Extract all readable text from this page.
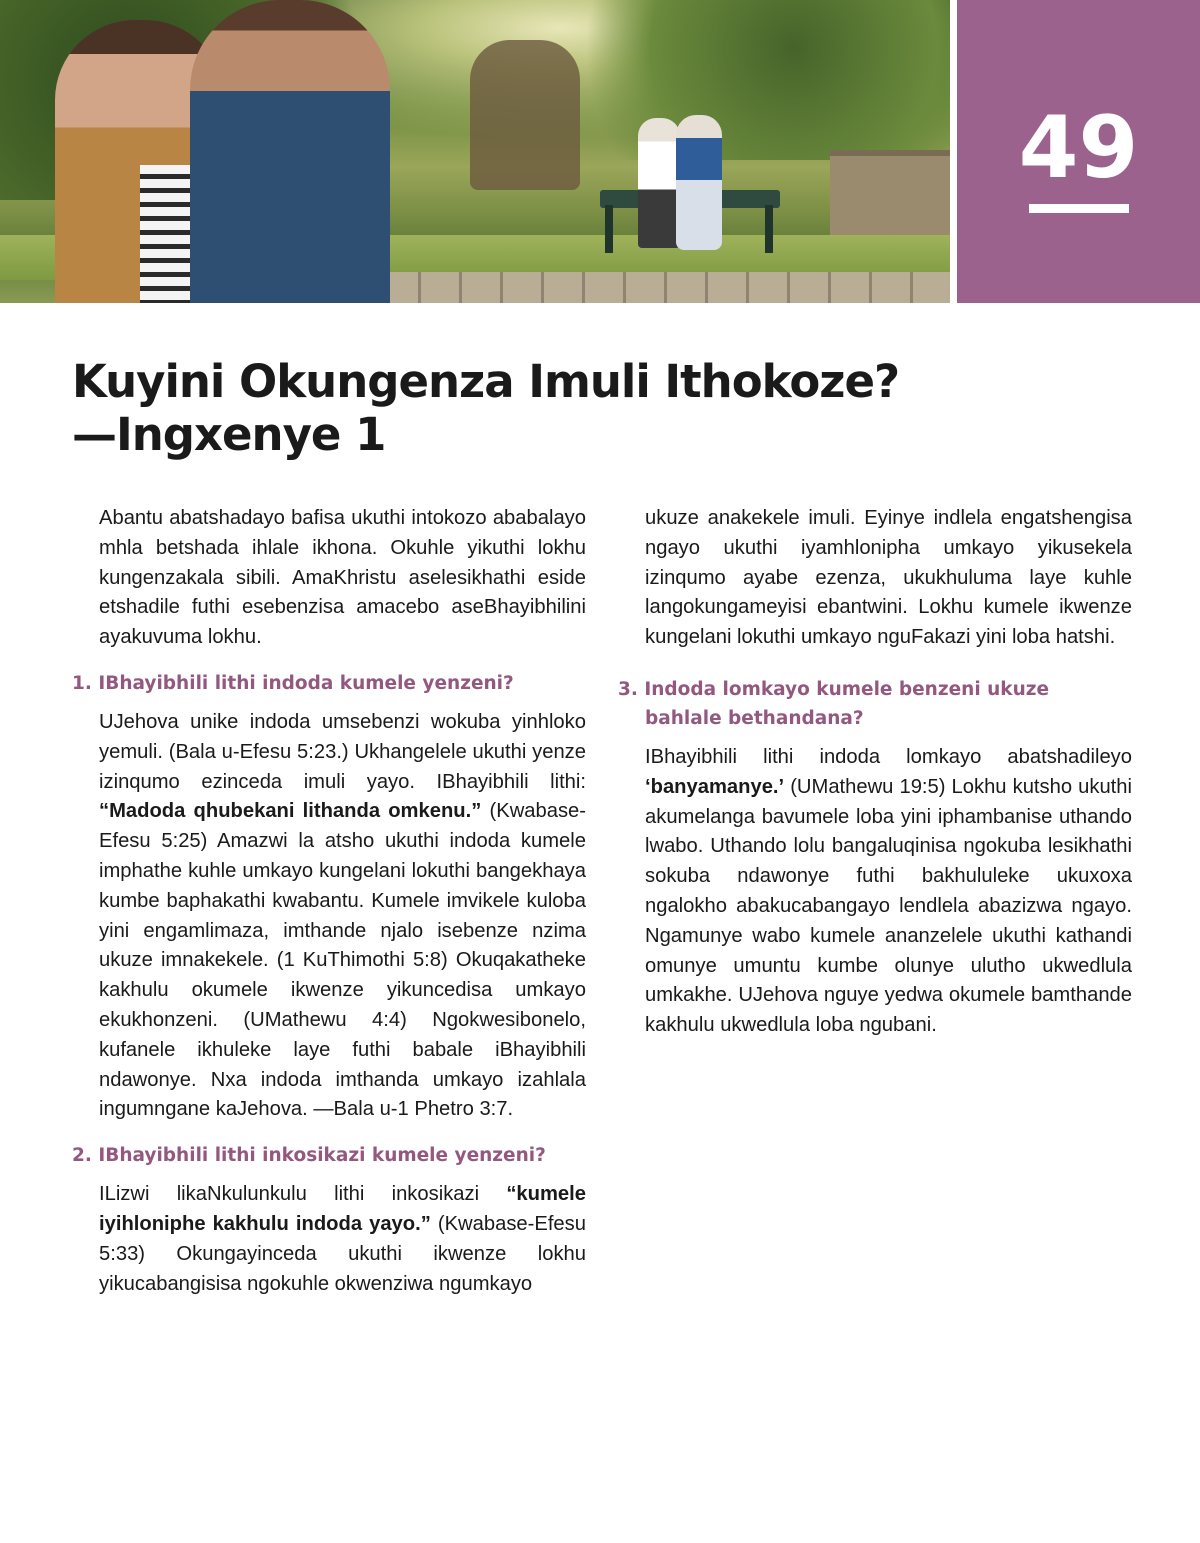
49
Kuyini Okungenza Imuli Ithokoze?
—Ingxenye 1

Abantu abatshadayo bafisa ukuthi intokozo ababalayo mhla betshada ihlale ikhona. Okuhle yikuthi lokhu kungenzakala sibili. AmaKhristu aselesikhathi eside etshadile futhi esebenzisa amacebo aseBhayibhilini ayakuvuma lokhu.

1. IBhayibhili lithi indoda kumele yenzeni?

UJehova unike indoda umsebenzi wokuba yinhloko yemuli. (Bala u-Efesu 5:23.) Ukhangelele ukuthi yenze izinqumo ezinceda imuli yayo. IBhayibhili lithi: “Madoda qhubekani lithanda omkenu.” (Kwabase-Efesu 5:25) Amazwi la atsho ukuthi indoda kumele imphathe kuhle umkayo kungelani lokuthi bangekhaya kumbe baphakathi kwabantu. Kumele imvikele kuloba yini engamlimaza, imthande njalo isebenze nzima ukuze imnakekele. (1 KuThimothi 5:8) Okuqakatheke kakhulu okumele ikwenze yikuncedisa umkayo ekukhonzeni. (UMathewu 4:4) Ngokwesibonelo, kufanele ikhuleke laye futhi babale iBhayibhili ndawonye. Nxa indoda imthanda umkayo izahlala ingumngane kaJehova. —Bala u-1 Phetro 3:7.

2. IBhayibhili lithi inkosikazi kumele yenzeni?

ILizwi likaNkulunkulu lithi inkosikazi “kumele iyihloniphe kakhulu indoda yayo.” (Kwabase-Efesu 5:33) Okungayinceda ukuthi ikwenze lokhu yikucabangisisa ngokuhle okwenziwa ngumkayo

ukuze anakekele imuli. Eyinye indlela engatshengisa ngayo ukuthi iyamhlonipha umkayo yikusekela izinqumo ayabe ezenza, ukukhuluma laye kuhle langokungameyisi ebantwini. Lokhu kumele ikwenze kungelani lokuthi umkayo nguFakazi yini loba hatshi.

3. Indoda lomkayo kumele benzeni ukuze bahlale bethandana?

IBhayibhili lithi indoda lomkayo abatshadileyo ‘banyamanye.’ (UMathewu 19:5) Lokhu kutsho ukuthi akumelanga bavumele loba yini iphambanise uthando lwabo. Uthando lolu bangaluqinisa ngokuba lesikhathi sokuba ndawonye futhi bakhululeke ukuxoxa ngalokho abakucabangayo lendlela abazizwa ngayo. Ngamunye wabo kumele ananzelele ukuthi kathandi omunye umuntu kumbe olunye ulutho ukwedlula umkakhe. UJehova nguye yedwa okumele bamthande kakhulu ukwedlula loba ngubani.
